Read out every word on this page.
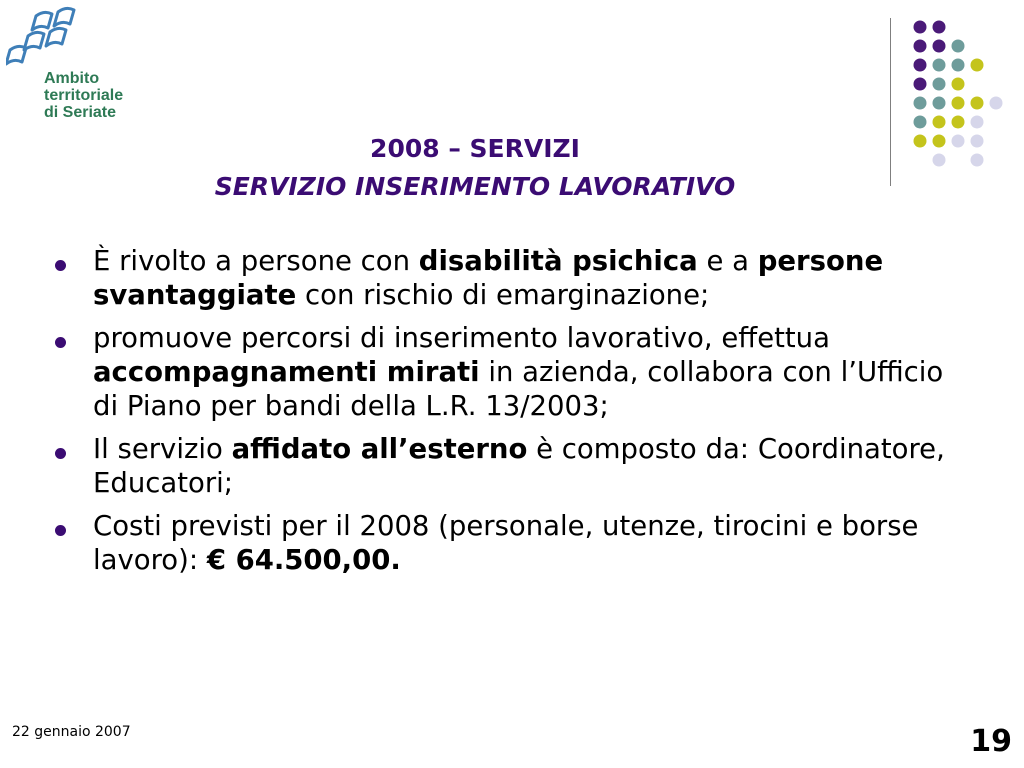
Ambito
territoriale
di Seriate
2008 – SERVIZI
SERVIZIO INSERIMENTO LAVORATIVO
È rivolto a persone con disabilità psichica e a persone svantaggiate con rischio di emarginazione;
promuove percorsi di inserimento lavorativo, effettua accompagnamenti mirati in azienda, collabora con l’Ufficio di Piano per bandi della L.R. 13/2003;
Il servizio affidato all’esterno è composto da: Coordinatore, Educatori;
Costi previsti per il 2008 (personale, utenze, tirocini e borse lavoro): € 64.500,00.
22 gennaio 2007	19
